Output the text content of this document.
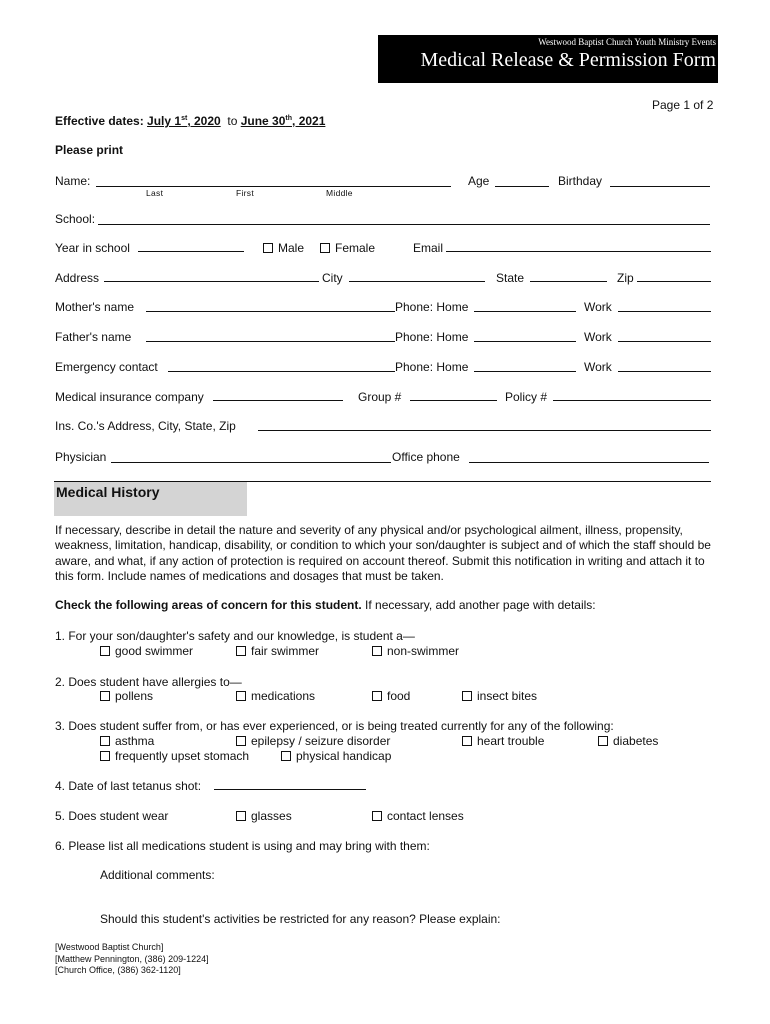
Westwood Baptist Church Youth Ministry Events
Medical Release & Permission Form
Page 1 of 2
Effective dates: July 1st, 2020 to June 30th, 2021
Please print
Name:
Last	First	Middle
Age	Birthday
School:
Year in school	Male	Female	Email
Address	City	State	Zip
Mother's name	Phone: Home	Work
Father's name	Phone: Home	Work
Emergency contact	Phone: Home	Work
Medical insurance company	Group #	Policy #
Ins. Co.'s Address, City, State, Zip
Physician	Office phone
Medical History
If necessary, describe in detail the nature and severity of any physical and/or psychological ailment, illness, propensity, weakness, limitation, handicap, disability, or condition to which your son/daughter is subject and of which the staff should be aware, and what, if any action of protection is required on account thereof. Submit this notification in writing and attach it to this form. Include names of medications and dosages that must be taken.
Check the following areas of concern for this student. If necessary, add another page with details:
1. For your son/daughter's safety and our knowledge, is student a—
good swimmer	fair swimmer	non-swimmer
2. Does student have allergies to—
pollens	medications	food	insect bites
3. Does student suffer from, or has ever experienced, or is being treated currently for any of the following:
asthma	epilepsy / seizure disorder	heart trouble	diabetes
frequently upset stomach	physical handicap
4. Date of last tetanus shot:
5. Does student wear	glasses	contact lenses
6. Please list all medications student is using and may bring with them:
Additional comments:
Should this student's activities be restricted for any reason? Please explain:
[Westwood Baptist Church]
[Matthew Pennington, (386) 209-1224]
[Church Office, (386) 362-1120]
